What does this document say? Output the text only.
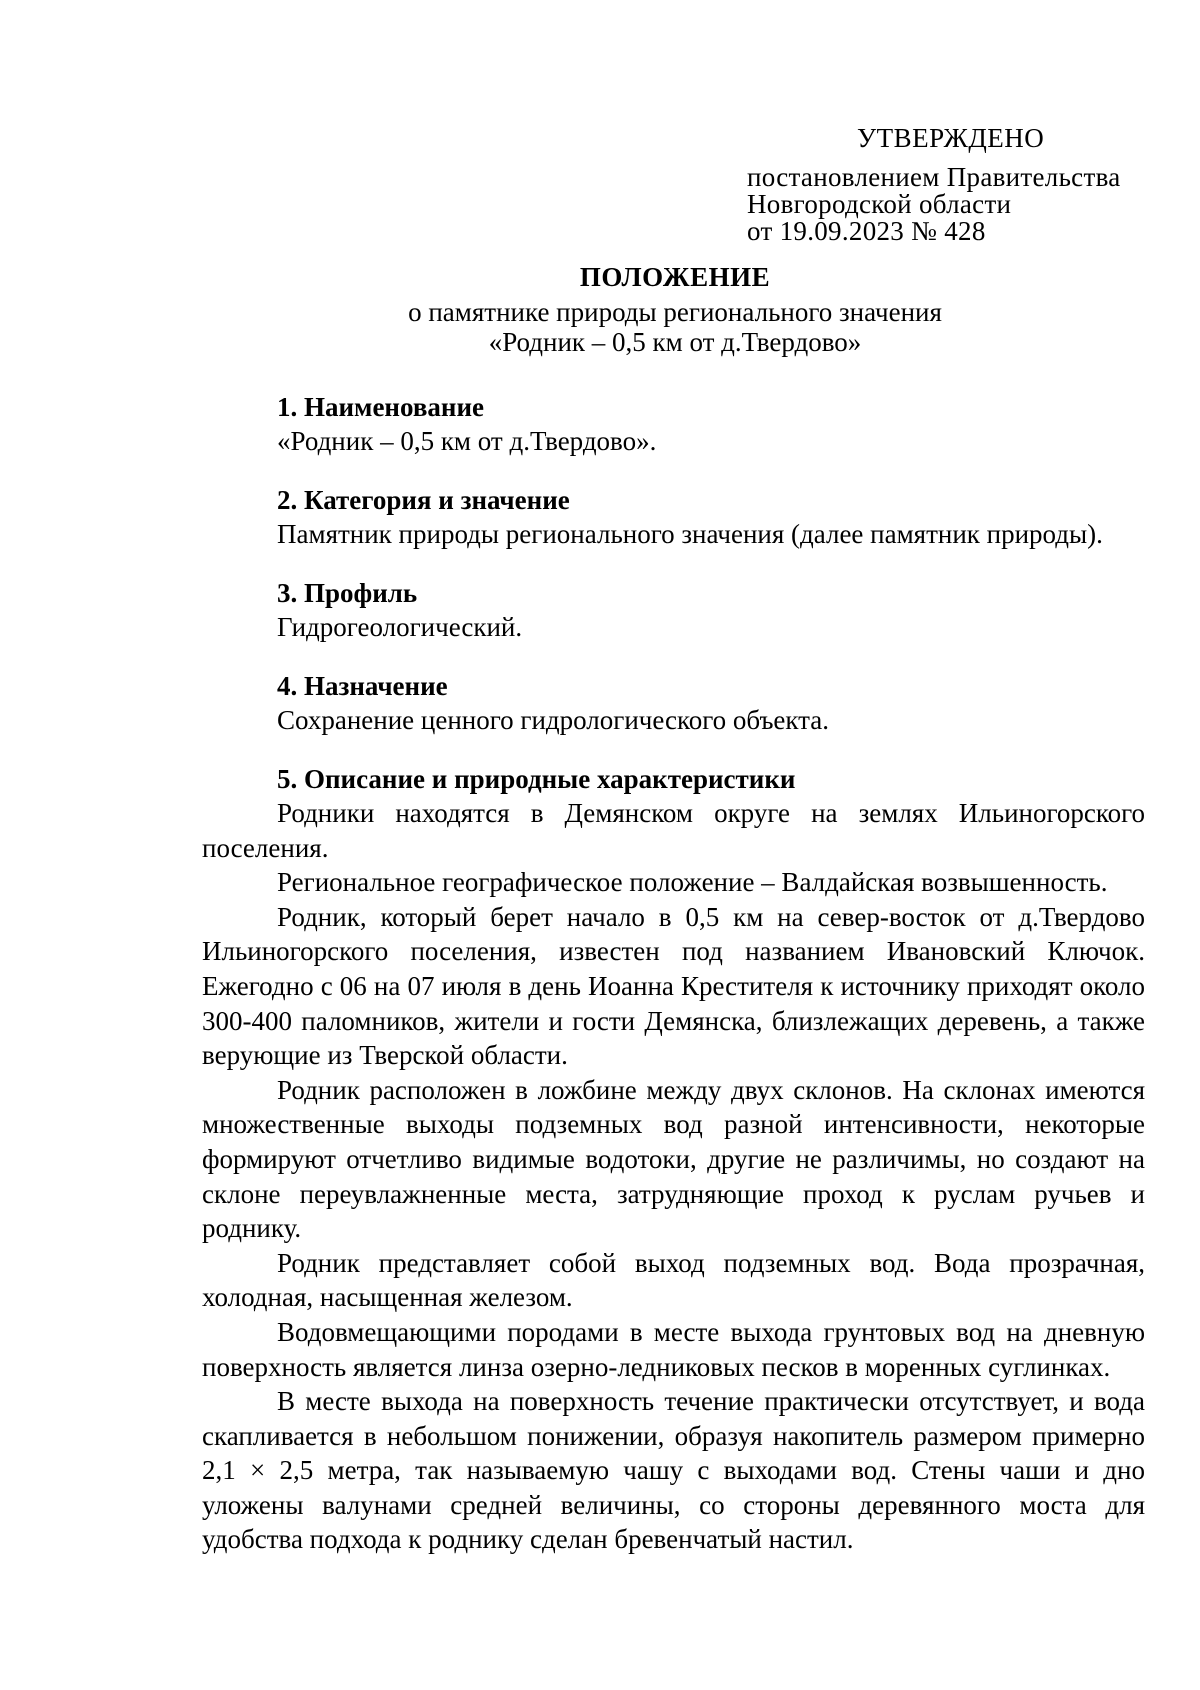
УТВЕРЖДЕНО
постановлением Правительства
Новгородской области
от 19.09.2023 № 428
ПОЛОЖЕНИЕ
о памятнике природы регионального значения
«Родник – 0,5 км от д.Твердово»
1. Наименование
«Родник – 0,5 км от д.Твердово».
2. Категория и значение
Памятник природы регионального значения (далее памятник природы).
3. Профиль
Гидрогеологический.
4. Назначение
Сохранение ценного гидрологического объекта.
5. Описание и природные характеристики

Родники находятся в Демянском округе на землях Ильиногорского поселения.

Региональное географическое положение – Валдайская возвышенность.

Родник, который берет начало в 0,5 км на север-восток от д.Твердово Ильиногорского поселения, известен под названием Ивановский Ключок. Ежегодно с 06 на 07 июля в день Иоанна Крестителя к источнику приходят около 300-400 паломников, жители и гости Демянска, близлежащих деревень, а также верующие из Тверской области.

Родник расположен в ложбине между двух склонов. На склонах имеются множественные выходы подземных вод разной интенсивности, некоторые формируют отчетливо видимые водотоки, другие не различимы, но создают на склоне переувлажненные места, затрудняющие проход к руслам ручьев и роднику.

Родник представляет собой выход подземных вод. Вода прозрачная, холодная, насыщенная железом.

Водовмещающими породами в месте выхода грунтовых вод на дневную поверхность является линза озерно-ледниковых песков в моренных суглинках.

В месте выхода на поверхность течение практически отсутствует, и вода скапливается в небольшом понижении, образуя накопитель размером примерно 2,1 × 2,5 метра, так называемую чашу с выходами вод. Стены чаши и дно уложены валунами средней величины, со стороны деревянного моста для удобства подхода к роднику сделан бревенчатый настил.
